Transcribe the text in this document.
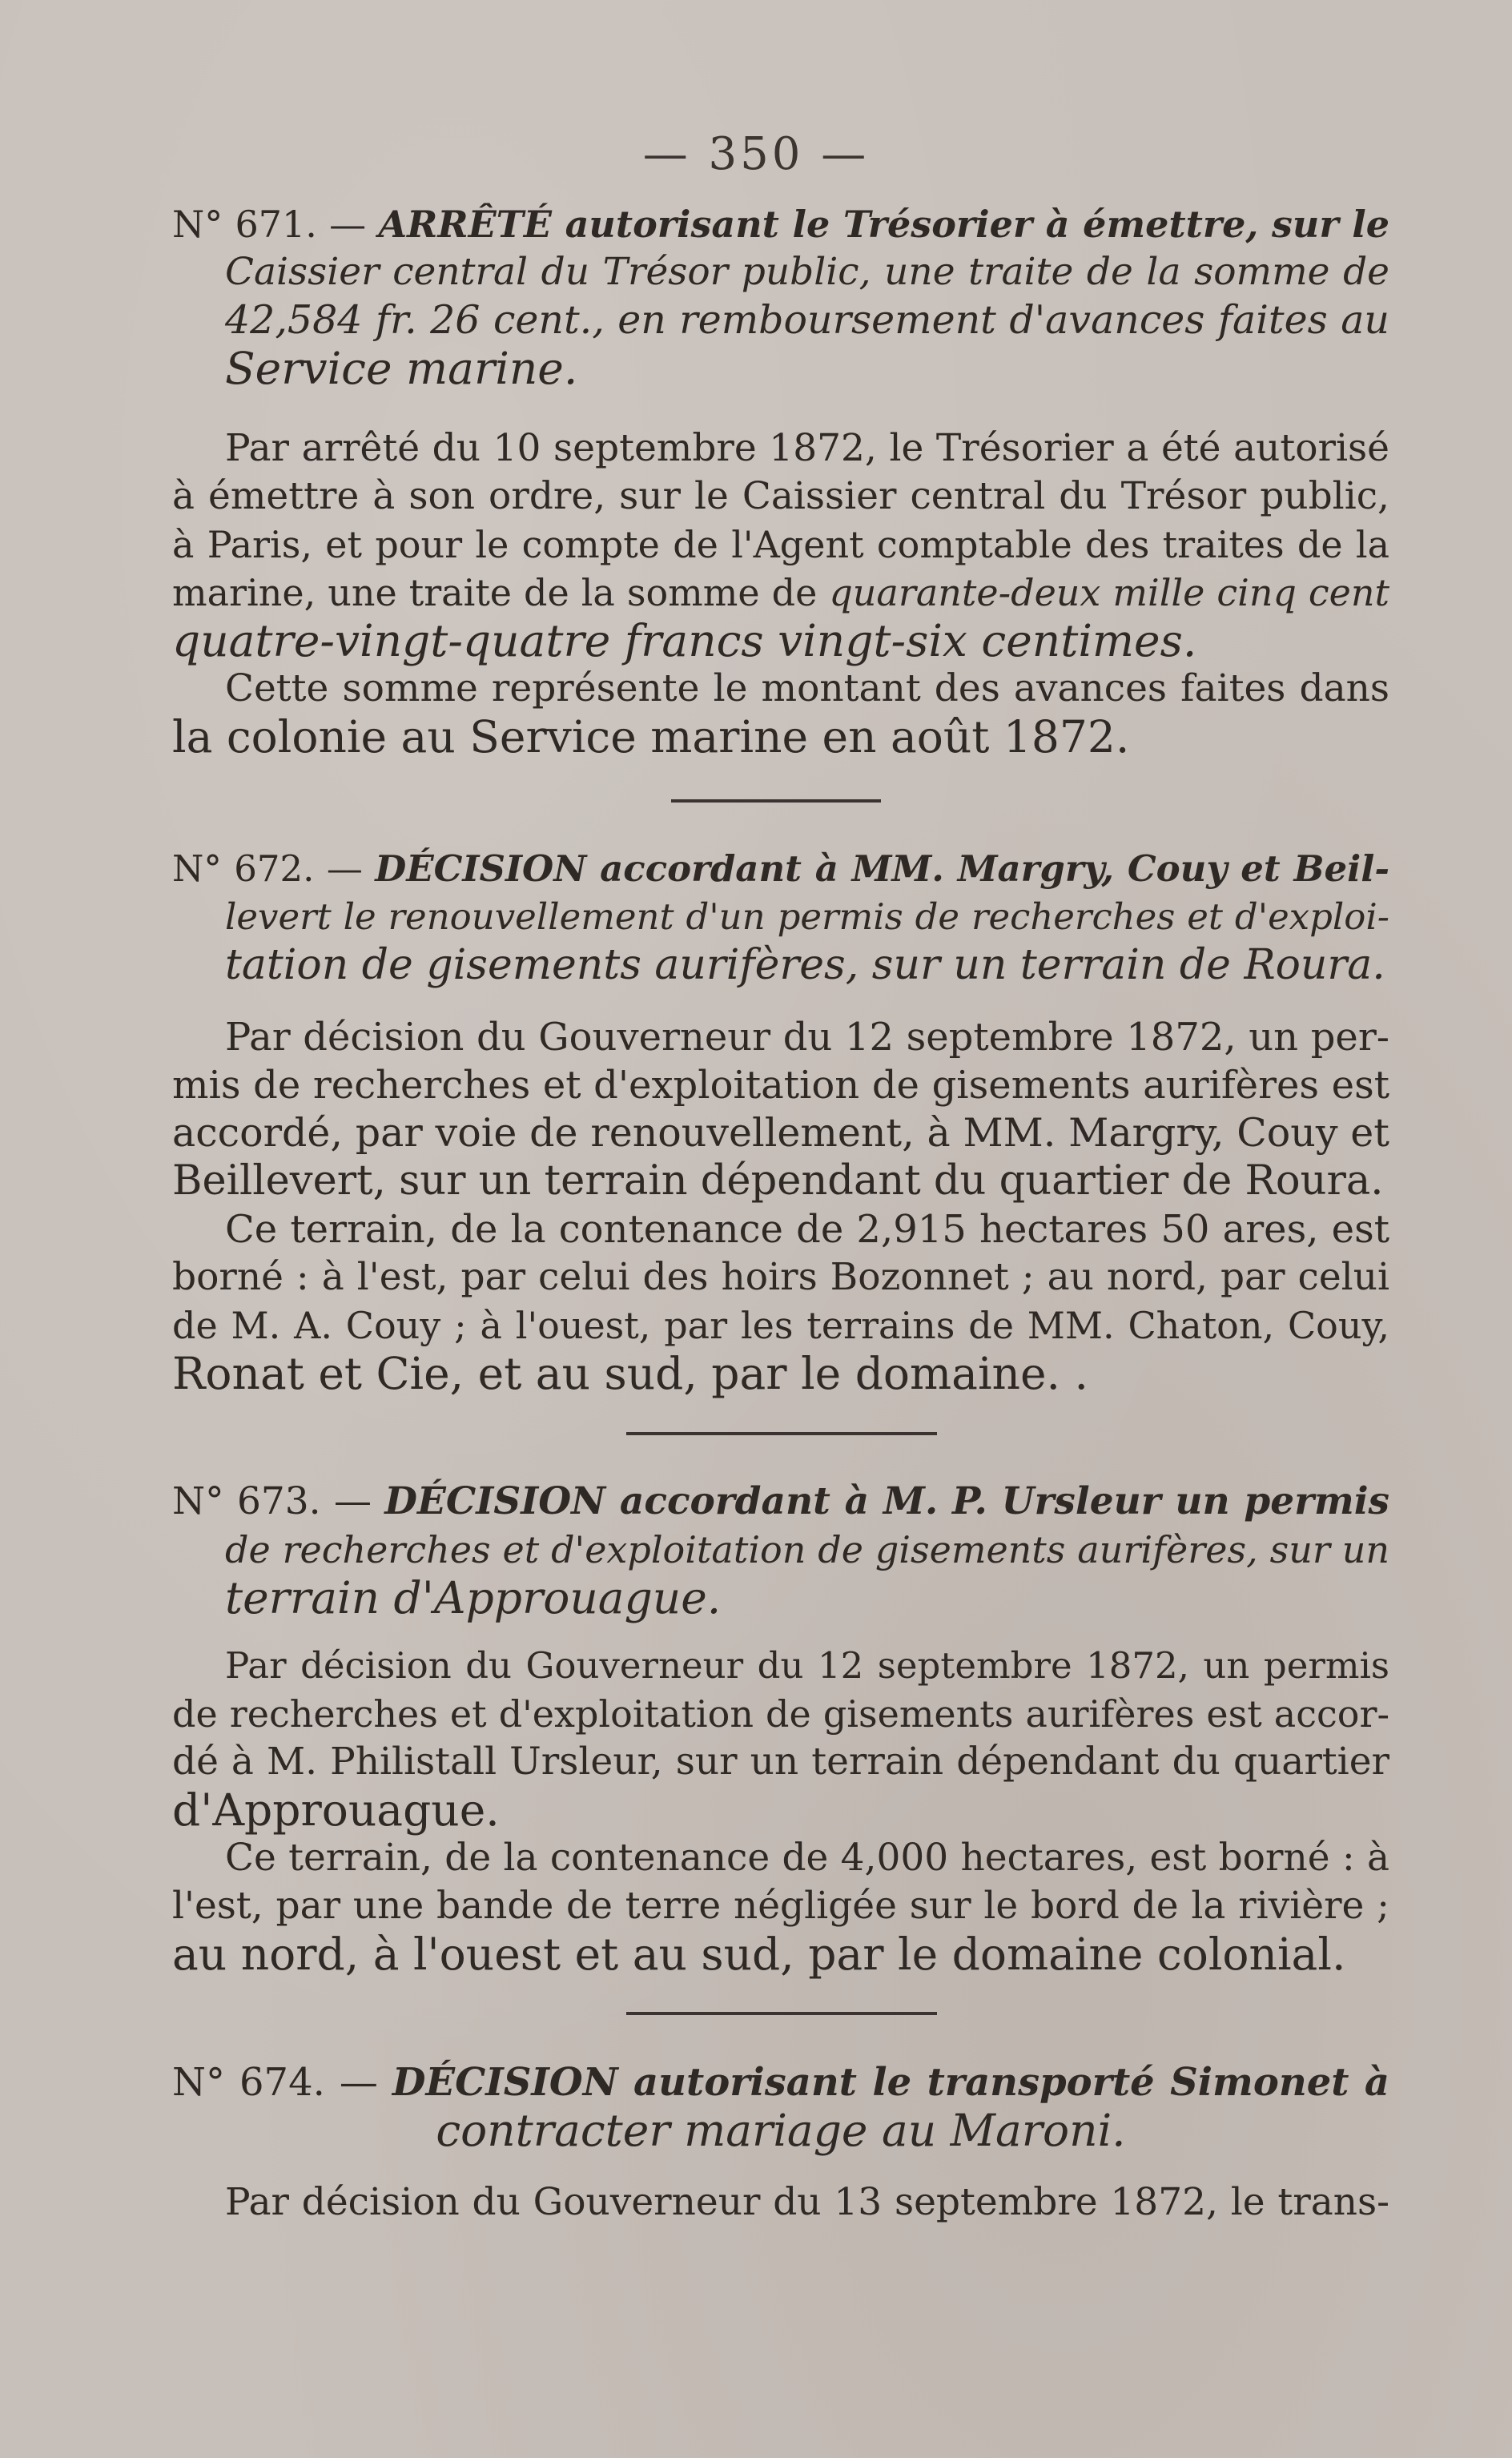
— 350 —
N° 671. — ARRÊTÉ autorisant le Trésorier à émettre, sur le
Caissier central du Trésor public, une traite de la somme de
42,584 fr. 26 cent., en remboursement d'avances faites au
Service marine.
Par arrêté du 10 septembre 1872, le Trésorier a été autorisé
à émettre à son ordre, sur le Caissier central du Trésor public,
à Paris, et pour le compte de l'Agent comptable des traites de la
marine, une traite de la somme de quarante-deux mille cinq cent
quatre-vingt-quatre francs vingt-six centimes.
Cette somme représente le montant des avances faites dans
la colonie au Service marine en août 1872.
N° 672. — DÉCISION accordant à MM. Margry, Couy et Beil-
levert le renouvellement d'un permis de recherches et d'exploi-
tation de gisements aurifères, sur un terrain de Roura.
Par décision du Gouverneur du 12 septembre 1872, un per-
mis de recherches et d'exploitation de gisements aurifères est
accordé, par voie de renouvellement, à MM. Margry, Couy et
Beillevert, sur un terrain dépendant du quartier de Roura.
Ce terrain, de la contenance de 2,915 hectares 50 ares, est
borné : à l'est, par celui des hoirs Bozonnet ; au nord, par celui
de M. A. Couy ; à l'ouest, par les terrains de MM. Chaton, Couy,
Ronat et Cie, et au sud, par le domaine. .
N° 673. — DÉCISION accordant à M. P. Ursleur un permis
de recherches et d'exploitation de gisements aurifères, sur un
terrain d'Approuague.
Par décision du Gouverneur du 12 septembre 1872, un permis
de recherches et d'exploitation de gisements aurifères est accor-
dé à M. Philistall Ursleur, sur un terrain dépendant du quartier
d'Approuague.
Ce terrain, de la contenance de 4,000 hectares, est borné : à
l'est, par une bande de terre négligée sur le bord de la rivière ;
au nord, à l'ouest et au sud, par le domaine colonial.
N° 674. — DÉCISION autorisant le transporté Simonet à
contracter mariage au Maroni.
Par décision du Gouverneur du 13 septembre 1872, le trans-
